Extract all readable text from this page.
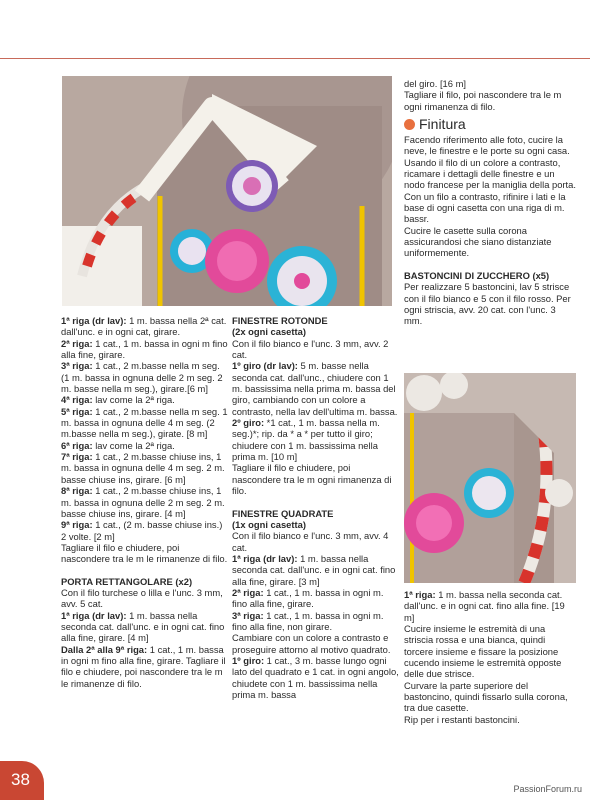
1ª riga (dr lav): 1 m. bassa nella 2ª cat. dall'unc. e in ogni cat, girare.

2ª riga: 1 cat., 1 m. bassa in ogni m fino alla fine, girare.

3ª riga: 1 cat., 2 m.basse nella m seg. (1 m. bassa in ognuna delle 2 m seg. 2 m. basse nella m seg.), girare.[6 m]

4ª riga: lav come la 2ª riga.

5ª riga: 1 cat., 2 m.basse nella m seg. 1 m. bassa in ognuna delle 4 m seg. (2 m.basse nella m seg.), girate. [8 m]

6ª riga: lav come la 2ª riga.

7ª riga: 1 cat., 2 m.basse chiuse ins, 1 m. bassa in ognuna delle 4 m seg. 2 m. basse chiuse ins, girare. [6 m]

8ª riga: 1 cat., 2 m.basse chiuse ins, 1 m. bassa in ognuna delle 2 m seg. 2 m. basse chiuse ins, girare. [4 m]

9ª riga: 1 cat., (2 m. basse chiuse ins.) 2 volte. [2 m]

Tagliare il filo e chiudere, poi nascondere tra le m le rimanenze di filo.

PORTA RETTANGOLARE (x2)

Con il filo turchese o lilla e l'unc. 3 mm, avv. 5 cat.

1ª riga (dr lav): 1 m. bassa nella seconda cat. dall'unc. e in ogni cat. fino alla fine, girare. [4 m]

Dalla 2ª alla 9ª riga: 1 cat., 1 m. bassa in ogni m fino alla fine, girare. Tagliare il filo e chiudere, poi nascondere tra le m le rimanenze di filo.

FINESTRE ROTONDE

(2x ogni casetta)

Con il filo bianco e l'unc. 3 mm, avv. 2 cat.

1º giro (dr lav): 5 m. basse nella seconda cat. dall'unc., chiudere con 1 m. bassissima nella prima m. bassa del giro, cambiando con un colore a contrasto, nella lav dell'ultima m. bassa.

2º giro: *1 cat., 1 m. bassa nella m. seg.)*; rip. da * a * per tutto il giro; chiudere con 1 m. bassissima nella prima m. [10 m]

Tagliare il filo e chiudere, poi nascondere tra le m ogni rimanenza di filo.

FINESTRE QUADRATE

(1x ogni casetta)

Con il filo bianco e l'unc. 3 mm, avv. 4 cat.

1ª riga (dr lav): 1 m. bassa nella seconda cat. dall'unc. e in ogni cat. fino alla fine, girare. [3 m]

2ª riga: 1 cat., 1 m. bassa in ogni m. fino alla fine, girare.

3ª riga: 1 cat., 1 m. bassa in ogni m. fino alla fine, non girare.

Cambiare con un colore a contrasto e proseguire attorno al motivo quadrato.

1º giro: 1 cat., 3 m. basse lungo ogni lato del quadrato e 1 cat. in ogni angolo, chiudete con 1 m. bassissima nella prima m. bassa

del giro. [16 m]

Tagliare il filo, poi nascondere tra le m ogni rimanenza di filo.

Finitura

Facendo riferimento alle foto, cucire la neve, le finestre e le porte su ogni casa.

Usando il filo di un colore a contrasto, ricamare i dettagli delle finestre e un nodo francese per la maniglia della porta.

Con un filo a contrasto, rifinire i lati e la base di ogni casetta con una riga di m. bassr.

Cucire le casette sulla corona assicurandosi che siano distanziate uniformemente.

BASTONCINI DI ZUCCHERO (x5)

Per realizzare 5 bastoncini, lav 5 strisce con il filo bianco e 5 con il filo rosso. Per ogni striscia, avv. 20 cat. con l'unc. 3 mm.

1ª riga: 1 m. bassa nella seconda cat. dall'unc. e in ogni cat. fino alla fine. [19 m]

Cucire insieme le estremità di una striscia rossa e una bianca, quindi torcere insieme e fissare la posizione cucendo insieme le estremità opposte delle due strisce.

Curvare la parte superiore del bastoncino, quindi fissarlo sulla corona, tra due casette.

Rip per i restanti bastoncini.

38	PassionForum.ru
